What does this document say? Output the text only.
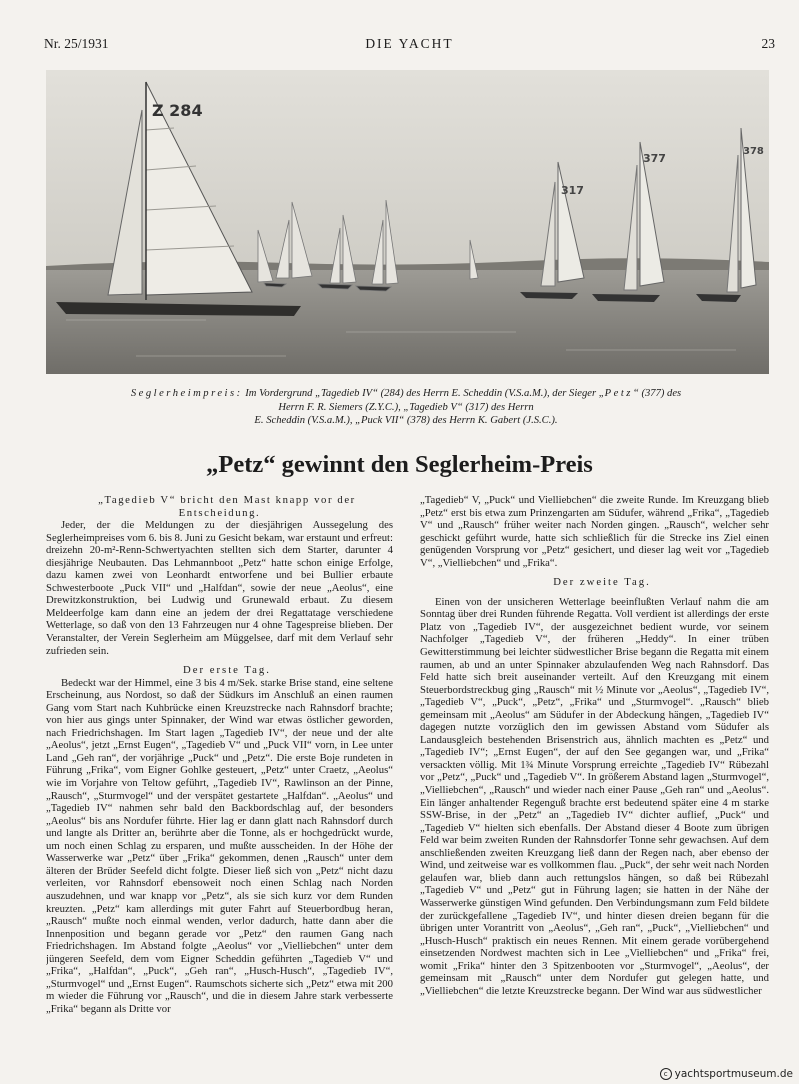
Nr. 25/1931	DIE YACHT	23
Z 284
317
377
378
Seglerheimpreis: Im Vordergrund „Tagedieb IV“ (284) des Herrn E. Scheddin (V.S.a.M.), der Sieger „Petz“ (377) des
Herrn F. R. Siemers (Z.Y.C.), „Tagedieb V“ (317) des Herrn
E. Scheddin (V.S.a.M.), „Puck VII“ (378) des Herrn K. Gabert (J.S.C.).
„Petz“ gewinnt den Seglerheim-Preis

„Tagedieb V“ bricht den Mast knapp vor der Entscheidung.

Jeder, der die Meldungen zu der diesjährigen Aussegelung des Seglerheimpreises vom 6. bis 8. Juni zu Gesicht bekam, war erstaunt und erfreut: dreizehn 20-m²-Renn-Schwertyachten stellten sich dem Starter, darunter 4 diesjährige Neubauten. Das Lehmannboot „Petz“ hatte schon einige Erfolge, dazu kamen zwei von Leonhardt entworfene und bei Bullier erbaute Schwesterboote „Puck VII“ und „Halfdan“, sowie der neue „Aeolus“, eine Drewitzkonstruktion, bei Ludwig und Grunewald erbaut. Zu diesem Meldeerfolge kam dann eine an jedem der drei Regattatage verschiedene Wetterlage, so daß von den 13 Fahrzeugen nur 4 ohne Tagespreise blieben. Der Veranstalter, der Verein Seglerheim am Müggelsee, darf mit dem Verlauf sehr zufrieden sein.

Der erste Tag.

Bedeckt war der Himmel, eine 3 bis 4 m/Sek. starke Brise stand, eine seltene Erscheinung, aus Nordost, so daß der Südkurs im Anschluß an einen raumen Gang vom Start nach Kuhbrücke einen Kreuzstrecke nach Rahnsdorf brachte; von hier aus gings unter Spinnaker, der Wind war etwas östlicher geworden, nach Friedrichshagen. Im Start lagen „Tagedieb IV“, der neue und der alte „Aeolus“, jetzt „Ernst Eugen“, „Tagedieb V“ und „Puck VII“ vorn, in Lee unter Land „Geh ran“, der vorjährige „Puck“ und „Petz“. Die erste Boje rundeten in Führung „Frika“, vom Eigner Gohlke gesteuert, „Petz“ unter Craetz, „Aeolus“ wie im Vorjahre von Teltow geführt, „Tagedieb IV“, Rawlinson an der Pinne, „Rausch“, „Sturmvogel“ und der verspätet gestartete „Halfdan“. „Aeolus“ und „Tagedieb IV“ nahmen sehr bald den Backbordschlag auf, der besonders „Aeolus“ bis ans Nordufer führte. Hier lag er dann glatt nach Rahnsdorf durch und langte als Dritter an, berührte aber die Tonne, als er hochgedrückt wurde, um noch einen Schlag zu ersparen, und mußte ausscheiden. In der Höhe der Wasserwerke war „Petz“ über „Frika“ gekommen, denen „Rausch“ unter dem älteren der Brüder Seefeld dicht folgte. Dieser ließ sich von „Petz“ nicht dazu verleiten, vor Rahnsdorf ebensoweit noch einen Schlag nach Norden auszudehnen, und war knapp vor „Petz“, als sie sich kurz vor dem Runden kreuzten. „Petz“ kam allerdings mit guter Fahrt auf Steuerbordbug heran, „Rausch“ mußte noch einmal wenden, verlor dadurch, hatte dann aber die Innenposition und begann gerade vor „Petz“ den raumen Gang nach Friedrichshagen. Im Abstand folgte „Aeolus“ vor „Vielliebchen“ unter dem jüngeren Seefeld, dem vom Eigner Scheddin geführten „Tagedieb V“ und „Frika“, „Halfdan“, „Puck“, „Geh ran“, „Husch-Husch“, „Tagedieb IV“, „Sturmvogel“ und „Ernst Eugen“. Raumschots sicherte sich „Petz“ etwa mit 200 m wieder die Führung vor „Rausch“, und die in diesem Jahre stark verbesserte „Frika“ begann als Dritte vor

„Tagedieb“ V, „Puck“ und Vielliebchen“ die zweite Runde. Im Kreuzgang blieb „Petz“ erst bis etwa zum Prinzengarten am Südufer, während „Frika“, „Tagedieb V“ und „Rausch“ früher weiter nach Norden gingen. „Rausch“, welcher sehr geschickt geführt wurde, hatte sich schließlich für die Strecke ins Ziel einen genügenden Vorsprung vor „Petz“ gesichert, und dieser lag weit vor „Tagedieb V“, „Vielliebchen“ und „Frika“.

Der zweite Tag.

Einen von der unsicheren Wetterlage beeinflußten Verlauf nahm die am Sonntag über drei Runden führende Regatta. Voll verdient ist allerdings der erste Platz von „Tagedieb IV“, der ausgezeichnet bedient wurde, vor seinem Nachfolger „Tagedieb V“, der früheren „Heddy“. In einer trüben Gewitterstimmung bei leichter südwestlicher Brise begann die Regatta mit einem raumen, ab und an unter Spinnaker abzulaufenden Weg nach Rahnsdorf. Das Feld hatte sich breit auseinander verteilt. Auf den Kreuzgang mit einem Steuerbordstreckbug ging „Rausch“ mit ½ Minute vor „Aeolus“, „Tagedieb IV“, „Tagedieb V“, „Puck“, „Petz“, „Frika“ und „Sturmvogel“. „Rausch“ blieb gemeinsam mit „Aeolus“ am Südufer in der Abdeckung hängen, „Tagedieb IV“ dagegen nutzte vorzüglich den im gewissen Abstand vom Südufer als Landausgleich bestehenden Brisenstrich aus, ähnlich machten es „Petz“ und „Tagedieb IV“; „Ernst Eugen“, der auf den See gegangen war, und „Frika“ versackten völlig. Mit 1¾ Minute Vorsprung erreichte „Tagedieb IV“ Rübezahl vor „Petz“, „Puck“ und „Tagedieb V“. In größerem Abstand lagen „Sturmvogel“, „Vielliebchen“, „Rausch“ und wieder nach einer Pause „Geh ran“ und „Aeolus“. Ein länger anhaltender Regenguß brachte erst bedeutend später eine 4 m starke SSW-Brise, in der „Petz“ an „Tagedieb IV“ dichter auflief, „Puck“ und „Tagedieb V“ hielten sich ebenfalls. Der Abstand dieser 4 Boote zum übrigen Feld war beim zweiten Runden der Rahnsdorfer Tonne sehr gewachsen. Auf dem anschließenden zweiten Kreuzgang ließ dann der Regen nach, aber ebenso der Wind, und zeitweise war es vollkommen flau. „Puck“, der sehr weit nach Norden gelaufen war, blieb dann auch rettungslos hängen, so daß bei Rübezahl „Tagedieb V“ und „Petz“ gut in Führung lagen; sie hatten in der Nähe der Wasserwerke günstigen Wind gefunden. Den Verbindungsmann zum Feld bildete der zurückgefallene „Tagedieb IV“, und hinter diesen dreien begann für die übrigen unter Vorantritt von „Aeolus“, „Geh ran“, „Puck“, „Vielliebchen“ und „Husch-Husch“ praktisch ein neues Rennen. Mit einem gerade vorübergehend einsetzenden Nordwest machten sich in Lee „Vielliebchen“ und „Frika“ frei, womit „Frika“ hinter den 3 Spitzenbooten vor „Sturmvogel“, „Aeolus“, der gemeinsam mit „Rausch“ unter dem Nordufer gut gelegen hatte, und „Vielliebchen“ die letzte Kreuzstrecke begann. Der Wind war aus südwestlicher

c yachtsportmuseum.de
